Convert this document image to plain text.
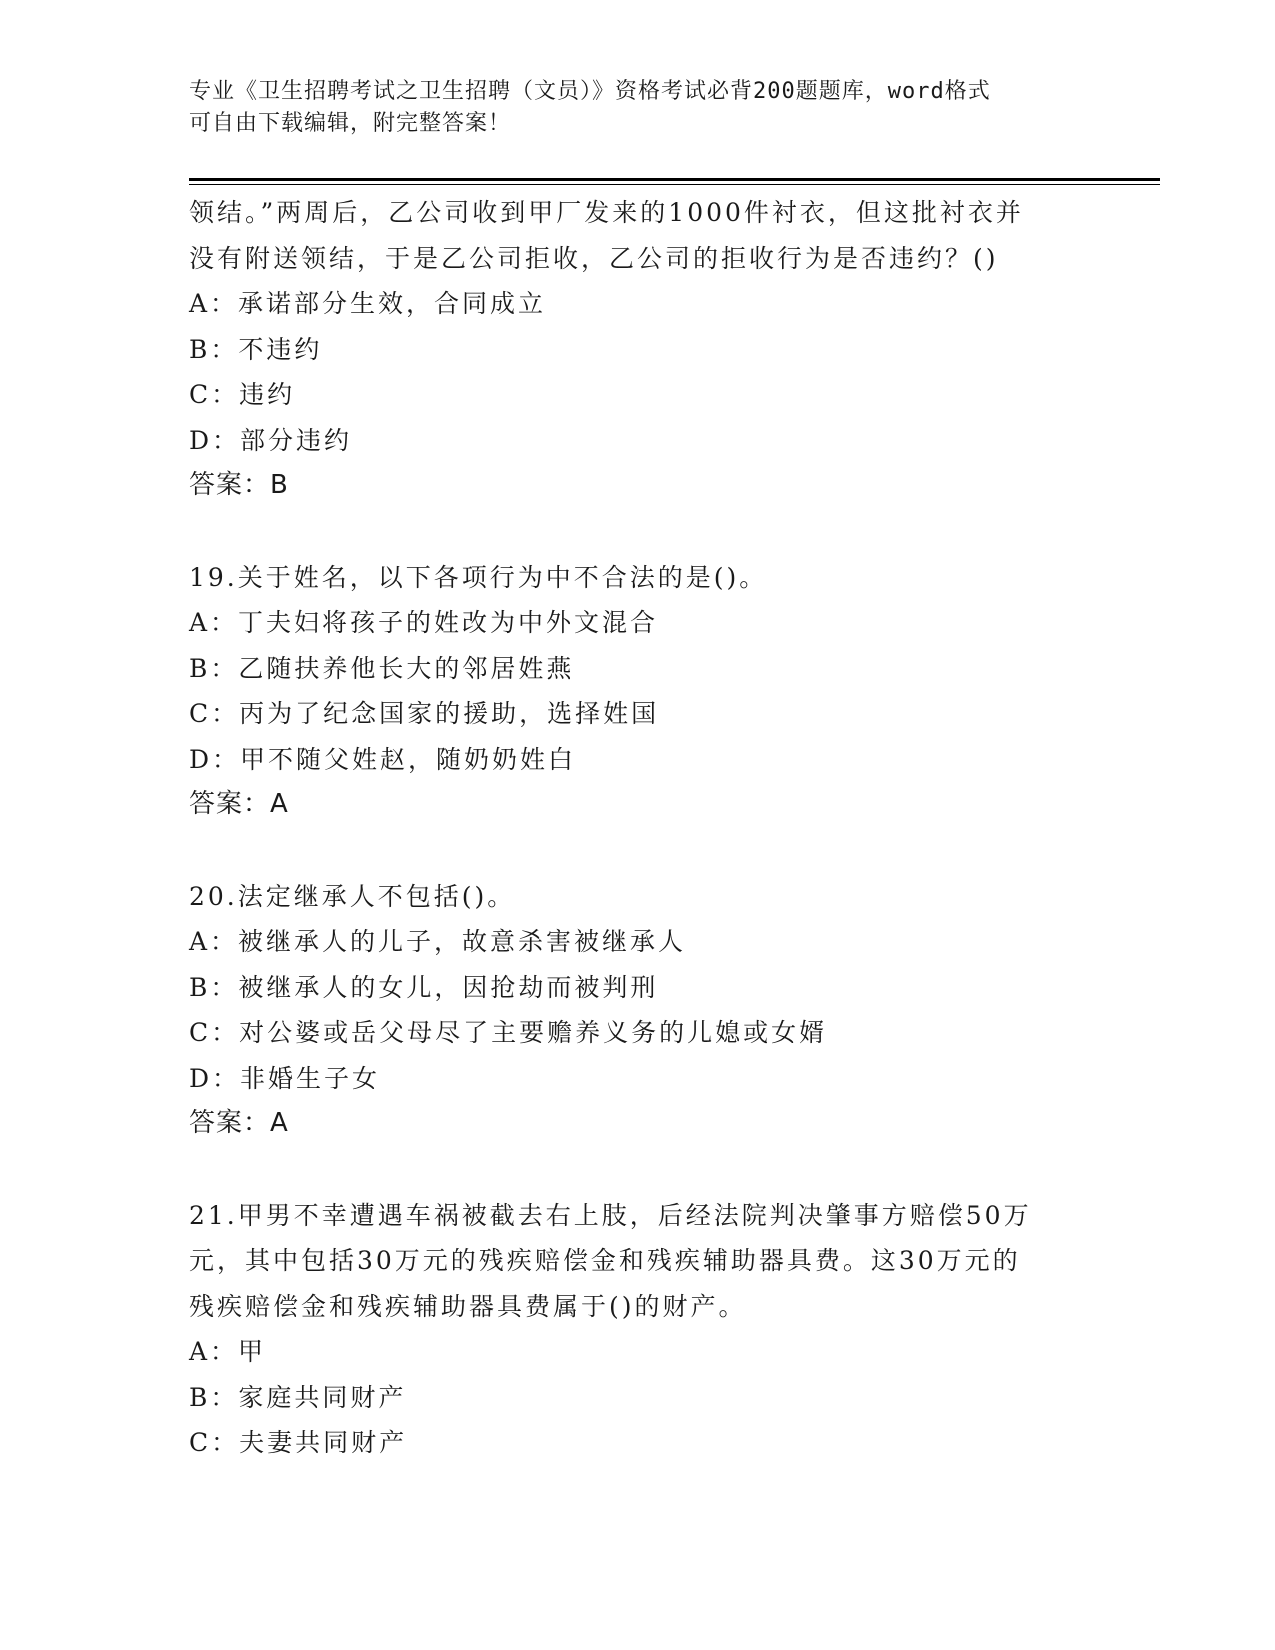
专业《卫生招聘考试之卫生招聘（文员）》资格考试必背200题题库，word格式
可自由下载编辑，附完整答案！
领结。”两周后，乙公司收到甲厂发来的1000件衬衣，但这批衬衣并
没有附送领结，于是乙公司拒收，乙公司的拒收行为是否违约？()
A：承诺部分生效，合同成立
B：不违约
C：违约
D：部分违约
答案：B
19.关于姓名，以下各项行为中不合法的是()。
A：丁夫妇将孩子的姓改为中外文混合
B：乙随扶养他长大的邻居姓燕
C：丙为了纪念国家的援助，选择姓国
D：甲不随父姓赵，随奶奶姓白
答案：A
20.法定继承人不包括()。
A：被继承人的儿子，故意杀害被继承人
B：被继承人的女儿，因抢劫而被判刑
C：对公婆或岳父母尽了主要赡养义务的儿媳或女婿
D：非婚生子女
答案：A
21.甲男不幸遭遇车祸被截去右上肢，后经法院判决肇事方赔偿50万
元，其中包括30万元的残疾赔偿金和残疾辅助器具费。这30万元的
残疾赔偿金和残疾辅助器具费属于()的财产。
A：甲
B：家庭共同财产
C：夫妻共同财产
